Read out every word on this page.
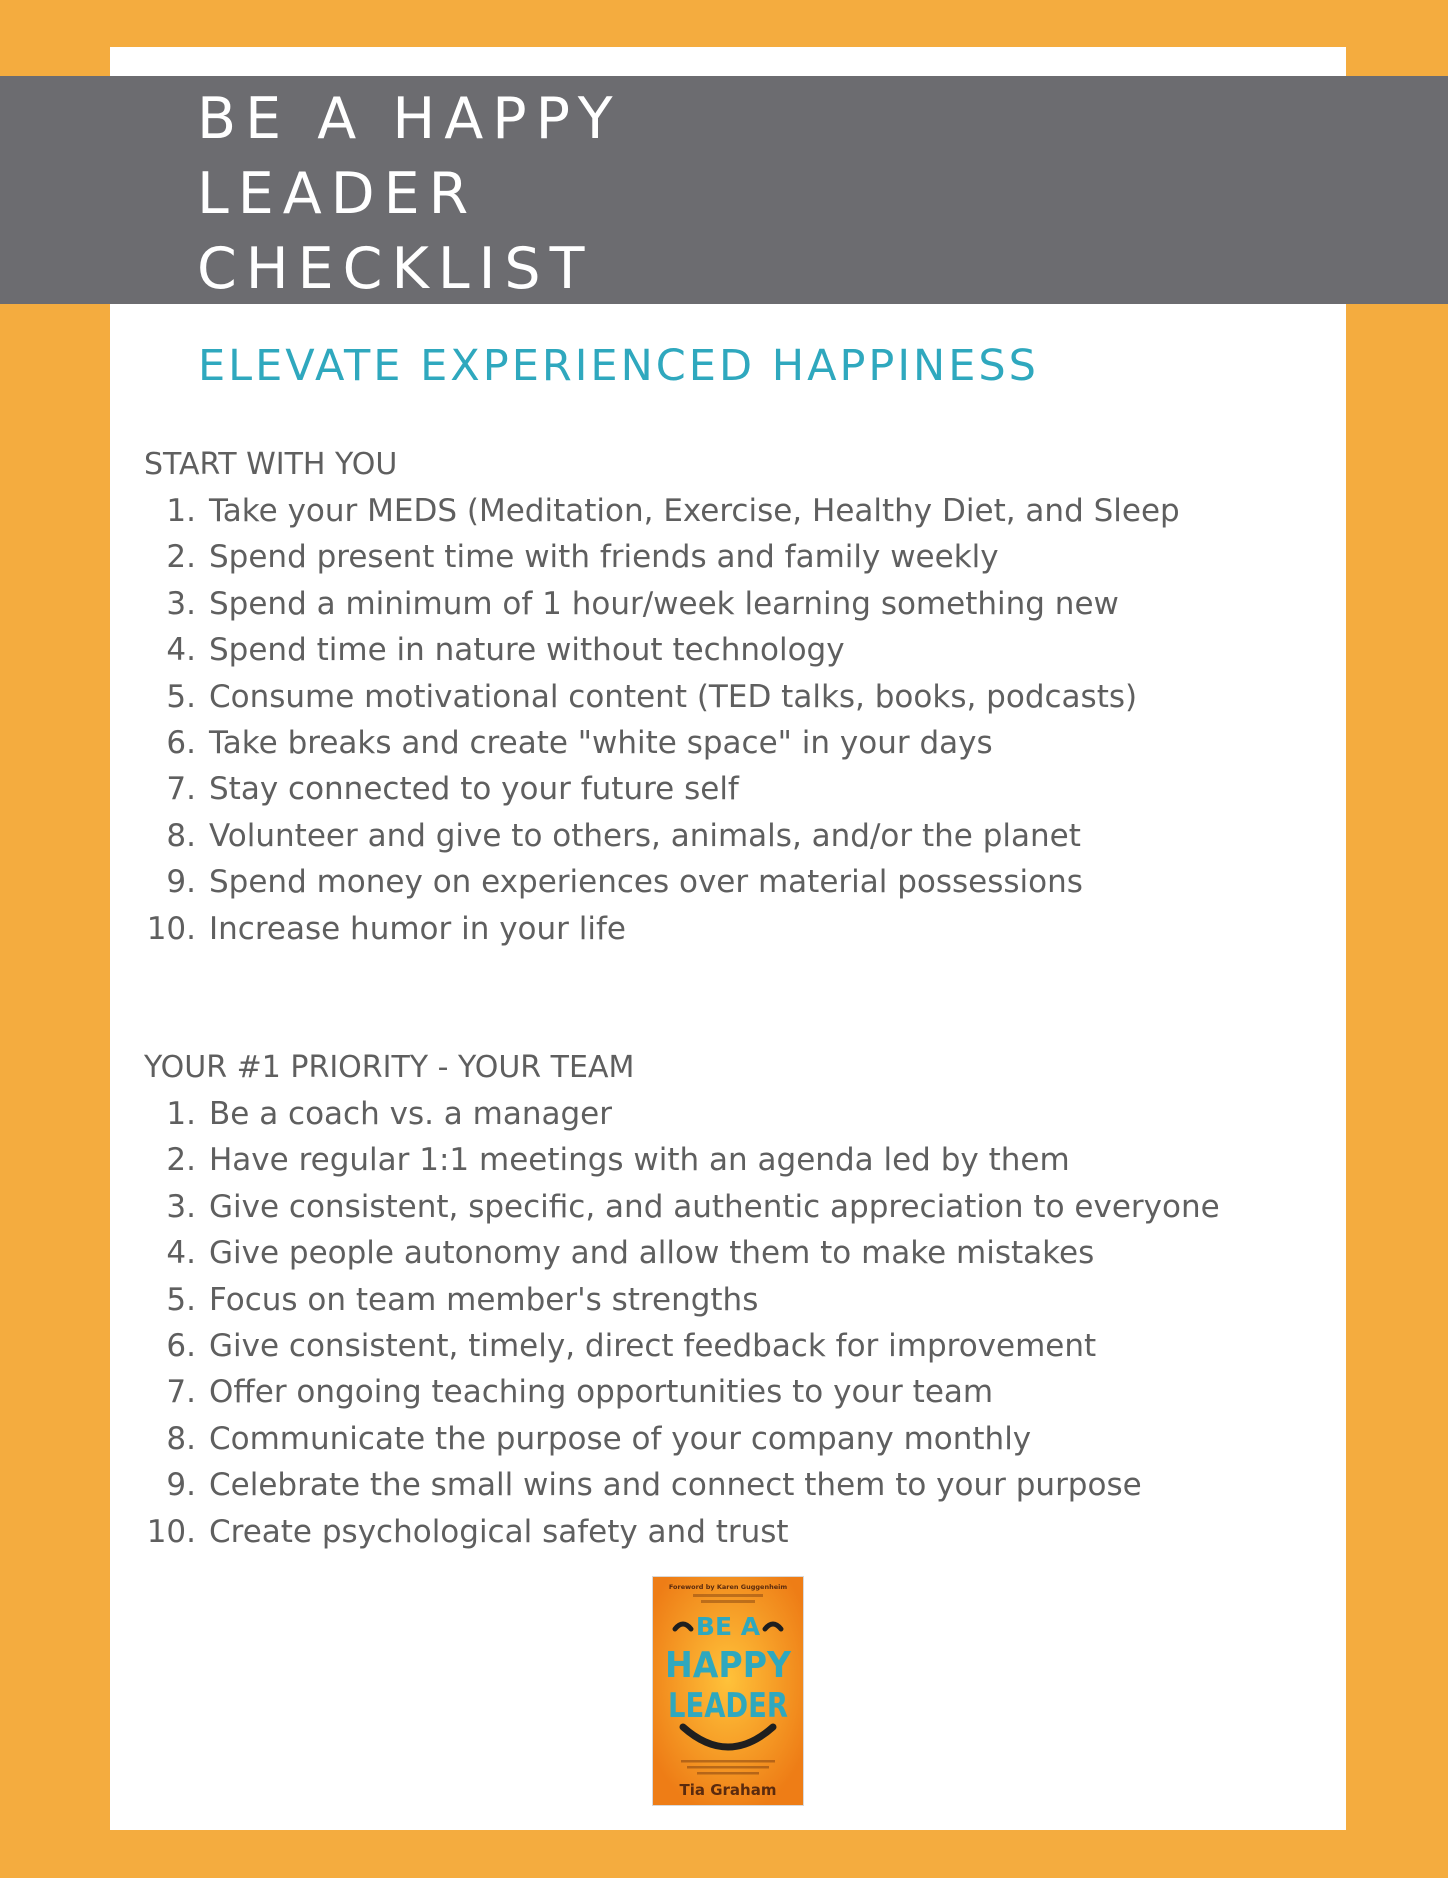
BE A HAPPY
LEADER
CHECKLIST
ELEVATE EXPERIENCED HAPPINESS
START WITH YOU
1. Take your MEDS (Meditation, Exercise, Healthy Diet, and Sleep
2. Spend present time with friends and family weekly
3. Spend a minimum of 1 hour/week learning something new
4. Spend time in nature without technology
5. Consume motivational content (TED talks, books, podcasts)
6. Take breaks and create "white space" in your days
7. Stay connected to your future self
8. Volunteer and give to others, animals, and/or the planet
9. Spend money on experiences over material possessions
10. Increase humor in your life
YOUR #1 PRIORITY - YOUR TEAM
1. Be a coach vs. a manager
2. Have regular 1:1 meetings with an agenda led by them
3. Give consistent, specific, and authentic appreciation to everyone
4. Give people autonomy and allow them to make mistakes
5. Focus on team member's strengths
6. Give consistent, timely, direct feedback for improvement
7. Offer ongoing teaching opportunities to your team
8. Communicate the purpose of your company monthly
9. Celebrate the small wins and connect them to your purpose
10. Create psychological safety and trust
Foreword by Karen Guggenheim
BE A
HAPPY
LEADER
Tia Graham
